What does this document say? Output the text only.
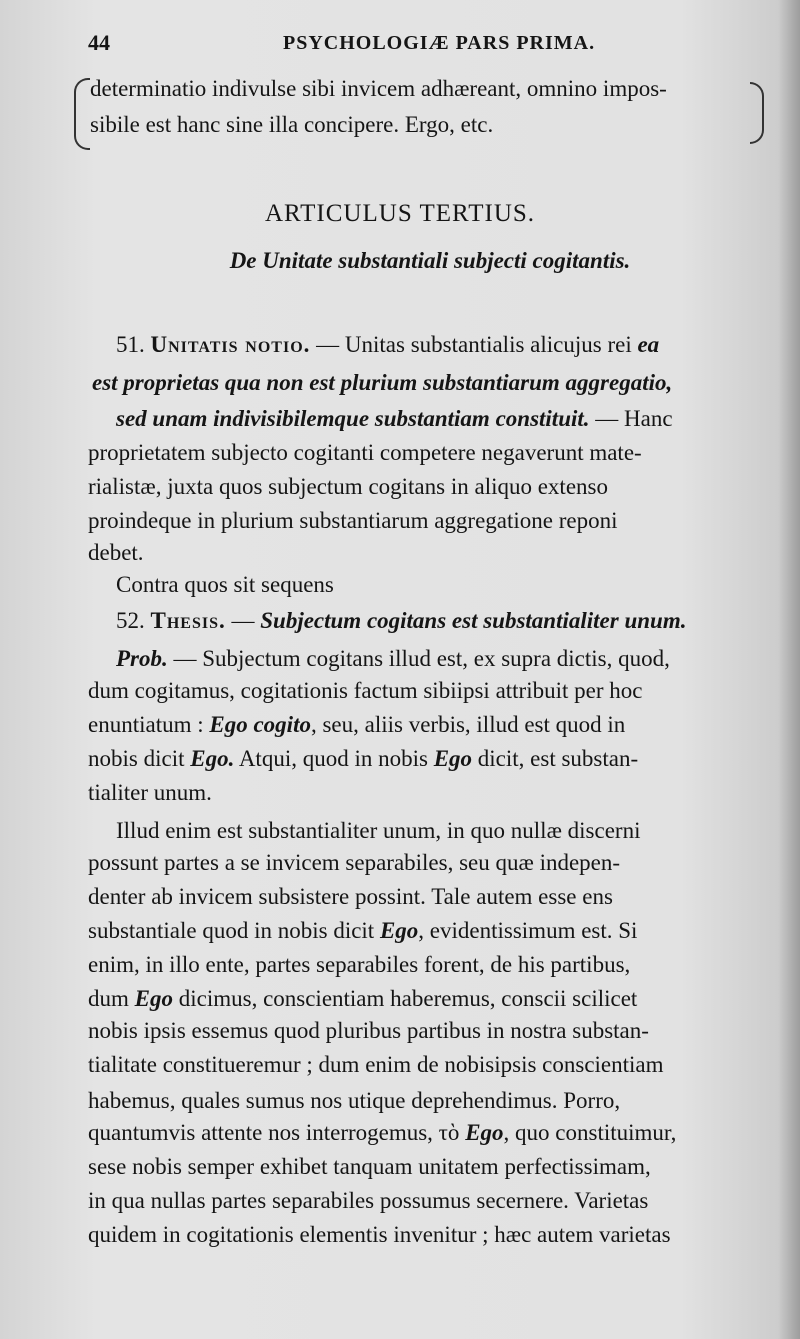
44	PSYCHOLOGIÆ PARS PRIMA.
determinatio indivulse sibi invicem adhæreant, omnino impos-
sibile est hanc sine illa concipere. Ergo, etc.
ARTICULUS TERTIUS.
De Unitate substantiali subjecti cogitantis.
51. Unitatis notio. — Unitas substantialis alicujus rei ea
est proprietas qua non est plurium substantiarum aggregatio,
sed unam indivisibilemque substantiam constituit. — Hanc
proprietatem subjecto cogitanti competere negaverunt mate-
rialistæ, juxta quos subjectum cogitans in aliquo extenso
proindeque in plurium substantiarum aggregatione reponi
debet.
Contra quos sit sequens
52. Thesis. — Subjectum cogitans est substantialiter unum.
Prob. — Subjectum cogitans illud est, ex supra dictis, quod,
dum cogitamus, cogitationis factum sibiipsi attribuit per hoc
enuntiatum : Ego cogito, seu, aliis verbis, illud est quod in
nobis dicit Ego. Atqui, quod in nobis Ego dicit, est substan-
tialiter unum.
Illud enim est substantialiter unum, in quo nullæ discerni
possunt partes a se invicem separabiles, seu quæ indepen-
denter ab invicem subsistere possint. Tale autem esse ens
substantiale quod in nobis dicit Ego, evidentissimum est. Si
enim, in illo ente, partes separabiles forent, de his partibus,
dum Ego dicimus, conscientiam haberemus, conscii scilicet
nobis ipsis essemus quod pluribus partibus in nostra substan-
tialitate constitueremur ; dum enim de nobisipsis conscientiam
habemus, quales sumus nos utique deprehendimus. Porro,
quantumvis attente nos interrogemus, τὸ Ego, quo constituimur,
sese nobis semper exhibet tanquam unitatem perfectissimam,
in qua nullas partes separabiles possumus secernere. Varietas
quidem in cogitationis elementis invenitur ; hæc autem varietas
